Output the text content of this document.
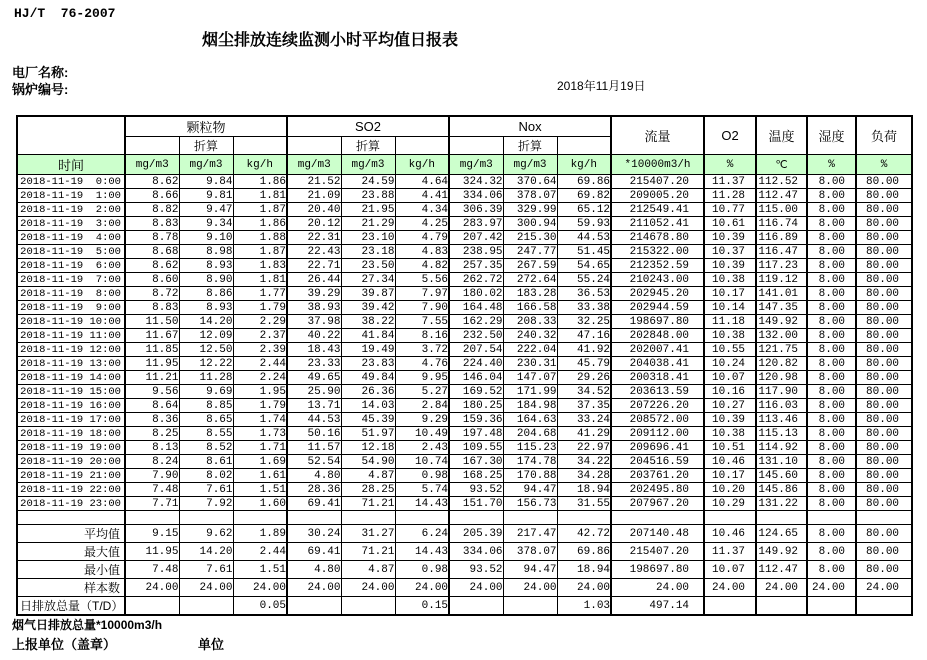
HJ/T  76-2007
烟尘排放连续监测小时平均值日报表
电厂名称:
锅炉编号:	2018年11月19日
	颗粒物			SO2			Nox			流量	O2	温度	湿度	负荷
		折算			折算			折算						
时间	mg/m3	mg/m3	kg/h	mg/m3	mg/m3	kg/h	mg/m3	mg/m3	kg/h	*10000m3/h	%	℃	%	%
2018-11-19  0:00	8.62	9.84	1.86	21.52	24.59	4.64	324.32	370.64	69.86	215407.20	11.37	112.52	8.00	80.00
2018-11-19  1:00	8.66	9.81	1.81	21.09	23.88	4.41	334.06	378.07	69.82	209005.20	11.28	112.47	8.00	80.00
2018-11-19  2:00	8.82	9.47	1.87	20.40	21.95	4.34	306.39	329.99	65.12	212549.41	10.77	115.00	8.00	80.00
2018-11-19  3:00	8.83	9.34	1.86	20.12	21.29	4.25	283.97	300.94	59.93	211052.41	10.61	116.74	8.00	80.00
2018-11-19  4:00	8.78	9.10	1.88	22.31	23.10	4.79	207.42	215.30	44.53	214678.80	10.39	116.89	8.00	80.00
2018-11-19  5:00	8.68	8.98	1.87	22.43	23.18	4.83	238.95	247.77	51.45	215322.00	10.37	116.47	8.00	80.00
2018-11-19  6:00	8.62	8.93	1.83	22.71	23.50	4.82	257.35	267.59	54.65	212352.59	10.39	117.23	8.00	80.00
2018-11-19  7:00	8.60	8.90	1.81	26.44	27.34	5.56	262.72	272.64	55.24	210243.00	10.38	119.12	8.00	80.00
2018-11-19  8:00	8.72	8.86	1.77	39.29	39.87	7.97	180.02	183.28	36.53	202945.20	10.17	141.01	8.00	80.00
2018-11-19  9:00	8.83	8.93	1.79	38.93	39.42	7.90	164.48	166.58	33.38	202944.59	10.14	147.35	8.00	80.00
2018-11-19 10:00	11.50	14.20	2.29	37.98	38.22	7.55	162.29	208.33	32.25	198697.80	11.18	149.92	8.00	80.00
2018-11-19 11:00	11.67	12.09	2.37	40.22	41.84	8.16	232.50	240.32	47.16	202848.00	10.38	132.00	8.00	80.00
2018-11-19 12:00	11.85	12.50	2.39	18.43	19.49	3.72	207.54	222.04	41.92	202007.41	10.55	121.75	8.00	80.00
2018-11-19 13:00	11.95	12.22	2.44	23.33	23.83	4.76	224.40	230.31	45.79	204038.41	10.24	120.82	8.00	80.00
2018-11-19 14:00	11.21	11.28	2.24	49.65	49.84	9.95	146.04	147.07	29.26	200318.41	10.07	120.98	8.00	80.00
2018-11-19 15:00	9.56	9.69	1.95	25.90	26.36	5.27	169.52	171.99	34.52	203613.59	10.16	117.90	8.00	80.00
2018-11-19 16:00	8.64	8.85	1.79	13.71	14.03	2.84	180.25	184.98	37.35	207226.20	10.27	116.03	8.00	80.00
2018-11-19 17:00	8.36	8.65	1.74	44.53	45.39	9.29	159.36	164.63	33.24	208572.00	10.39	113.46	8.00	80.00
2018-11-19 18:00	8.25	8.55	1.73	50.16	51.97	10.49	197.48	204.68	41.29	209112.00	10.38	115.13	8.00	80.00
2018-11-19 19:00	8.13	8.52	1.71	11.57	12.18	2.43	109.55	115.23	22.97	209696.41	10.51	114.92	8.00	80.00
2018-11-19 20:00	8.24	8.61	1.69	52.54	54.90	10.74	167.30	174.78	34.22	204516.59	10.46	131.10	8.00	80.00
2018-11-19 21:00	7.90	8.02	1.61	4.80	4.87	0.98	168.25	170.88	34.28	203761.20	10.17	145.60	8.00	80.00
2018-11-19 22:00	7.48	7.61	1.51	28.36	28.25	5.74	93.52	94.47	18.94	202495.80	10.20	145.86	8.00	80.00
2018-11-19 23:00	7.71	7.92	1.60	69.41	71.21	14.43	151.70	156.73	31.55	207967.20	10.29	131.22	8.00	80.00

平均值	9.15	9.62	1.89	30.24	31.27	6.24	205.39	217.47	42.72	207140.48	10.46	124.65	8.00	80.00
最大值	11.95	14.20	2.44	69.41	71.21	14.43	334.06	378.07	69.86	215407.20	11.37	149.92	8.00	80.00
最小值	7.48	7.61	1.51	4.80	4.87	0.98	93.52	94.47	18.94	198697.80	10.07	112.47	8.00	80.00
样本数	24.00	24.00	24.00	24.00	24.00	24.00	24.00	24.00	24.00	24.00	24.00	24.00	24.00	24.00
日排放总量（T/D）			0.05			0.15			1.03	497.14				
烟气日排放总量*10000m3/h
上报单位（盖章）	单位
